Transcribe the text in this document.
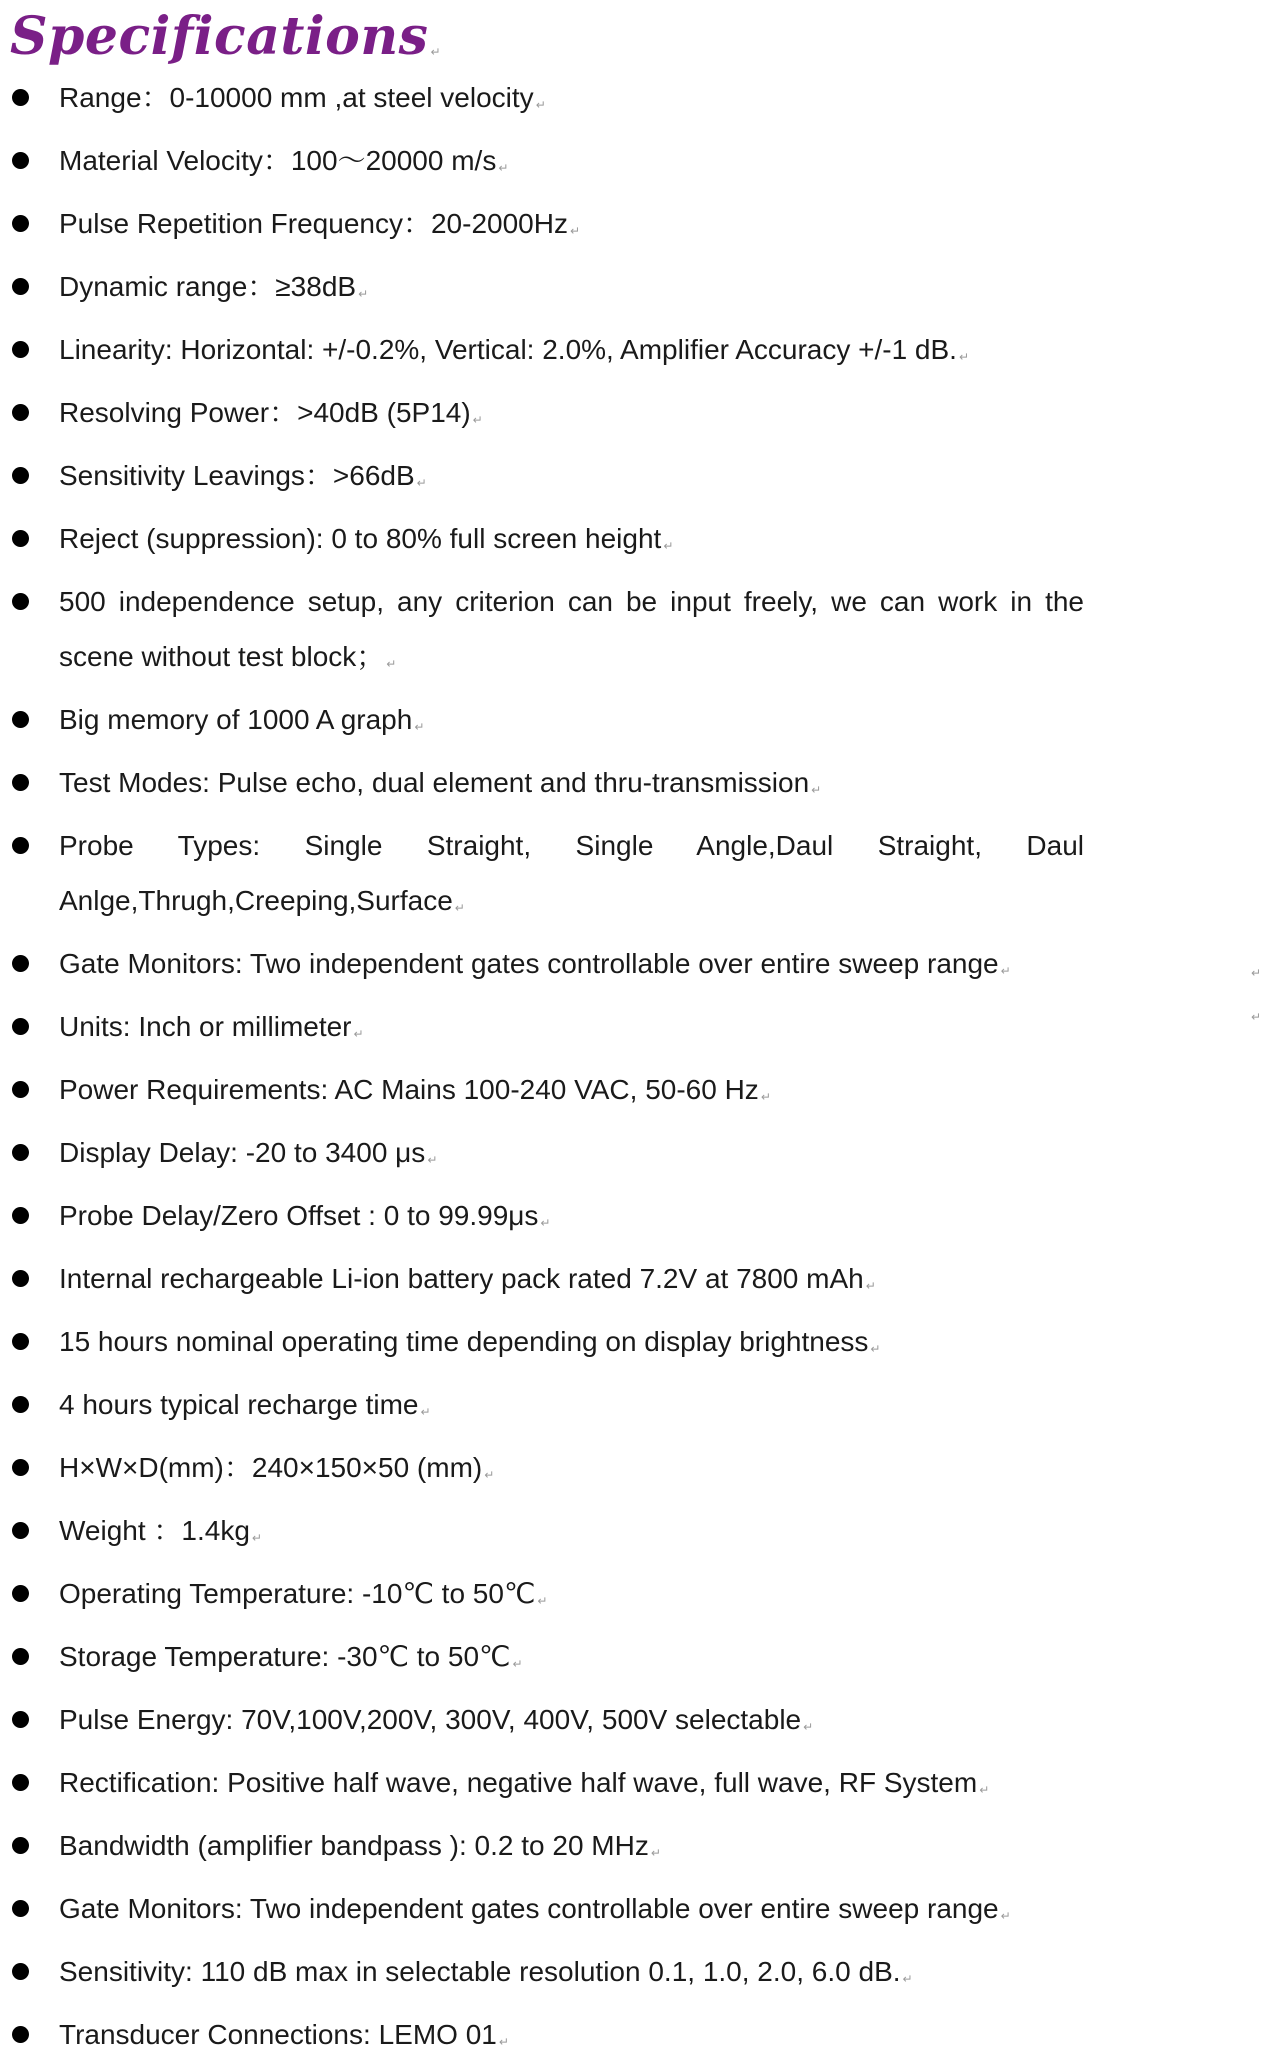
Specifications ↵
Range：0-10000 mm ,at steel velocity ↵
Material Velocity：100～20000 m/s ↵
Pulse Repetition Frequency：20-2000Hz ↵
Dynamic range：≥38dB ↵
Linearity: Horizontal: +/-0.2%, Vertical: 2.0%, Amplifier Accuracy +/-1 dB. ↵
Resolving Power：>40dB (5P14) ↵
Sensitivity Leavings：>66dB ↵
Reject (suppression): 0 to 80% full screen height ↵
500 independence setup, any criterion can be input freely, we can work in the scene without test block； ↵
Big memory of 1000 A graph ↵
Test Modes: Pulse echo, dual element and thru-transmission ↵
Probe Types: Single Straight, Single Angle,Daul Straight, Daul Anlge,Thrugh,Creeping,Surface ↵
Gate Monitors: Two independent gates controllable over entire sweep range ↵
Units: Inch or millimeter ↵
Power Requirements: AC Mains 100-240 VAC, 50-60 Hz ↵
Display Delay: -20 to 3400 μs ↵
Probe Delay/Zero Offset : 0 to 99.99μs ↵
Internal rechargeable Li-ion battery pack rated 7.2V at 7800 mAh ↵
15 hours nominal operating time depending on display brightness ↵
4 hours typical recharge time ↵
H×W×D(mm)：240×150×50 (mm) ↵
Weight ：1.4kg ↵
Operating Temperature: -10℃ to 50℃ ↵
Storage Temperature: -30℃ to 50℃ ↵
Pulse Energy: 70V,100V,200V, 300V, 400V, 500V selectable ↵
Rectification: Positive half wave, negative half wave, full wave, RF System ↵
Bandwidth (amplifier bandpass ): 0.2 to 20 MHz ↵
Gate Monitors: Two independent gates controllable over entire sweep range ↵
Sensitivity: 110 dB max in selectable resolution 0.1, 1.0, 2.0, 6.0 dB. ↵
Transducer Connections: LEMO 01 ↵
↵
↵
